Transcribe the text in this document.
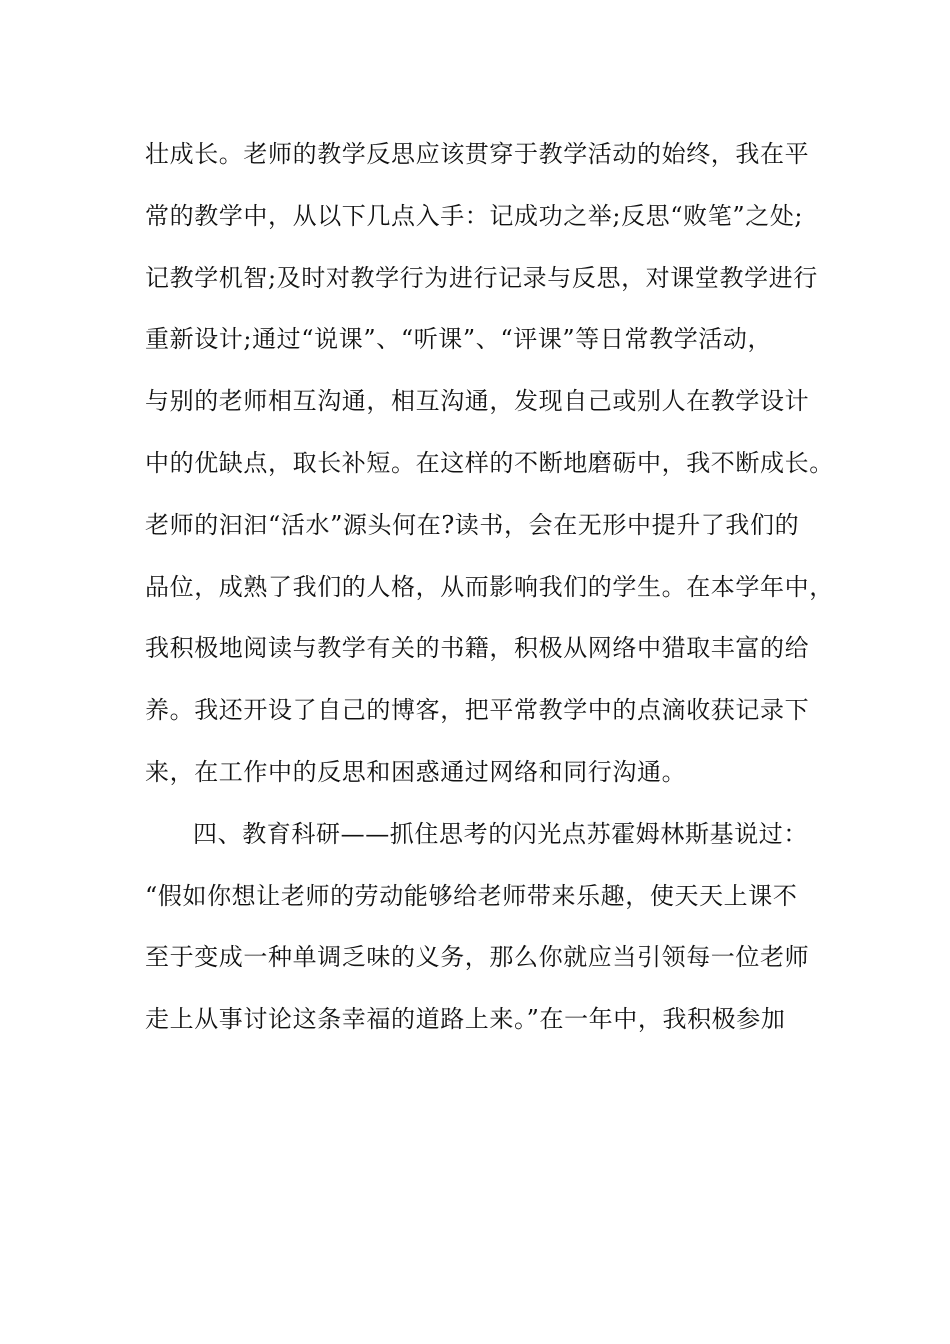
壮成长。老师的教学反思应该贯穿于教学活动的始终，我在平
常的教学中，从以下几点入手：记成功之举;反思“败笔”之处;
记教学机智;及时对教学行为进行记录与反思，对课堂教学进行
重新设计;通过“说课”、“听课”、“评课”等日常教学活动，
与别的老师相互沟通，相互沟通，发现自己或别人在教学设计
中的优缺点，取长补短。在这样的不断地磨砺中，我不断成长。
老师的汩汩“活水”源头何在?读书，会在无形中提升了我们的
品位，成熟了我们的人格，从而影响我们的学生。在本学年中，
我积极地阅读与教学有关的书籍，积极从网络中猎取丰富的给
养。我还开设了自己的博客，把平常教学中的点滴收获记录下
来，在工作中的反思和困惑通过网络和同行沟通。
四、教育科研——抓住思考的闪光点苏霍姆林斯基说过：
“假如你想让老师的劳动能够给老师带来乐趣，使天天上课不
至于变成一种单调乏味的义务，那么你就应当引领每一位老师
走上从事讨论这条幸福的道路上来。”在一年中，我积极参加
